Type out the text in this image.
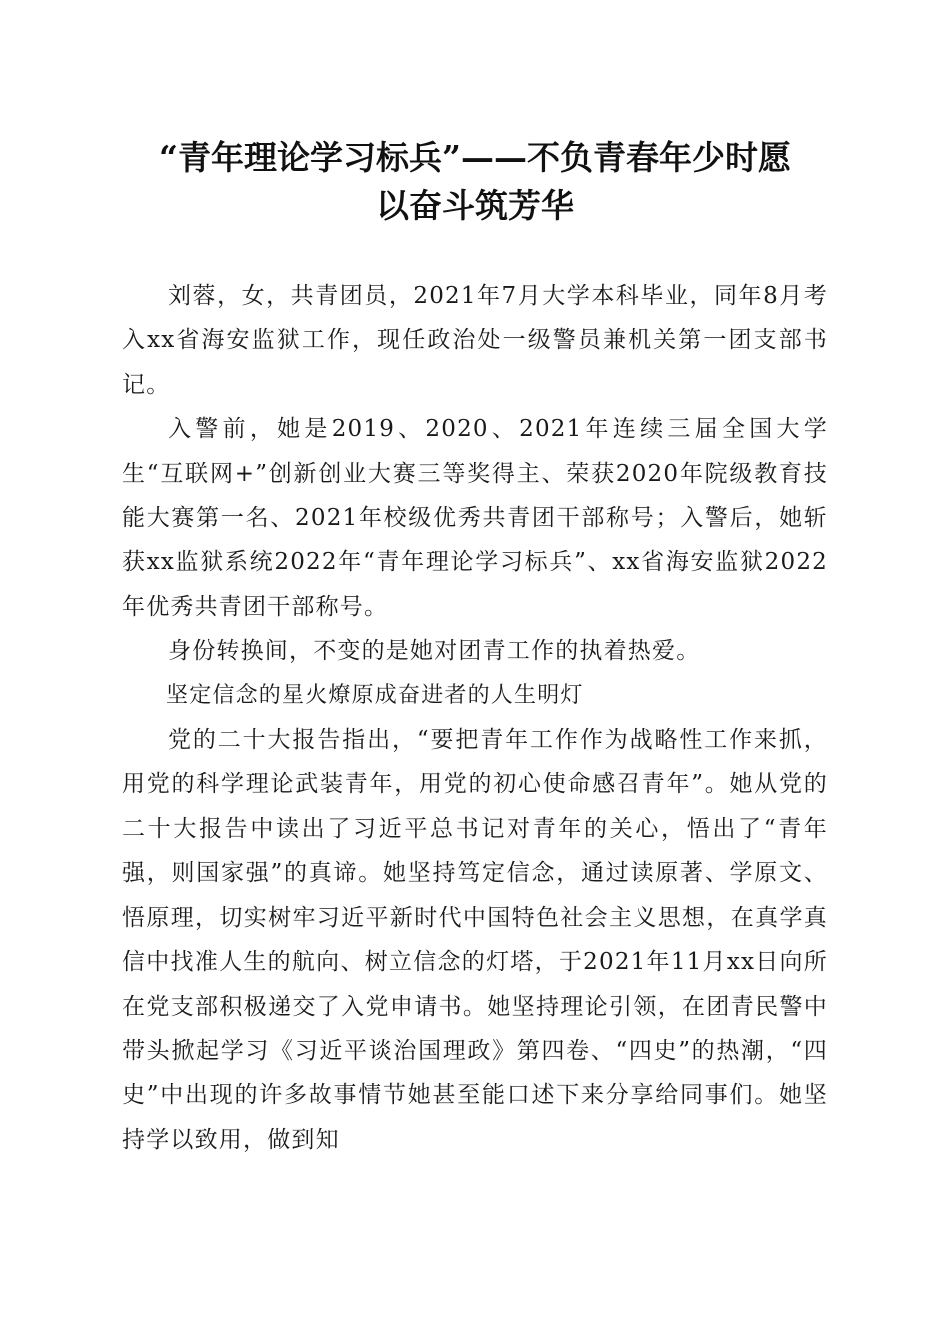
“青年理论学习标兵”——不负青春年少时愿
以奋斗筑芳华

刘蓉，女，共青团员，2021年7月大学本科毕业，同年8月考入xx省海安监狱工作，现任政治处一级警员兼机关第一团支部书记。

入警前，她是2019、2020、2021年连续三届全国大学生“互联网+”创新创业大赛三等奖得主、荣获2020年院级教育技能大赛第一名、2021年校级优秀共青团干部称号；入警后，她斩获xx监狱系统2022年“青年理论学习标兵”、xx省海安监狱2022年优秀共青团干部称号。

身份转换间，不变的是她对团青工作的执着热爱。

坚定信念的星火燎原成奋进者的人生明灯

党的二十大报告指出，“要把青年工作作为战略性工作来抓，用党的科学理论武装青年，用党的初心使命感召青年”。她从党的二十大报告中读出了习近平总书记对青年的关心，悟出了“青年强，则国家强”的真谛。她坚持笃定信念，通过读原著、学原文、悟原理，切实树牢习近平新时代中国特色社会主义思想，在真学真信中找准人生的航向、树立信念的灯塔，于2021年11月xx日向所在党支部积极递交了入党申请书。她坚持理论引领，在团青民警中带头掀起学习《习近平谈治国理政》第四卷、“四史”的热潮，“四史”中出现的许多故事情节她甚至能口述下来分享给同事们。她坚持学以致用，做到知
